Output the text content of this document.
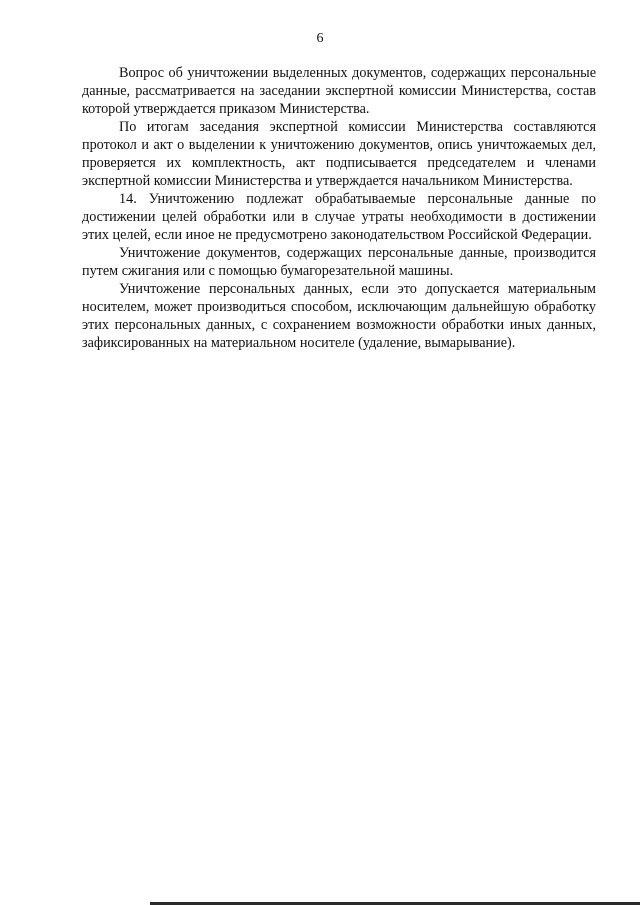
6

Вопрос об уничтожении выделенных документов, содержащих персональные данные, рассматривается на заседании экспертной комиссии Министерства, состав которой утверждается приказом Министерства.

По итогам заседания экспертной комиссии Министерства составляются протокол и акт о выделении к уничтожению документов, опись уничтожаемых дел, проверяется их комплектность, акт подписывается председателем и членами экспертной комиссии Министерства и утверждается начальником Министерства.

14. Уничтожению подлежат обрабатываемые персональные данные по достижении целей обработки или в случае утраты необходимости в достижении этих целей, если иное не предусмотрено законодательством Российской Федерации.

Уничтожение документов, содержащих персональные данные, производится путем сжигания или с помощью бумагорезательной машины.

Уничтожение персональных данных, если это допускается материальным носителем, может производиться способом, исключающим дальнейшую обработку этих персональных данных, с сохранением возможности обработки иных данных, зафиксированных на материальном носителе (удаление, вымарывание).
